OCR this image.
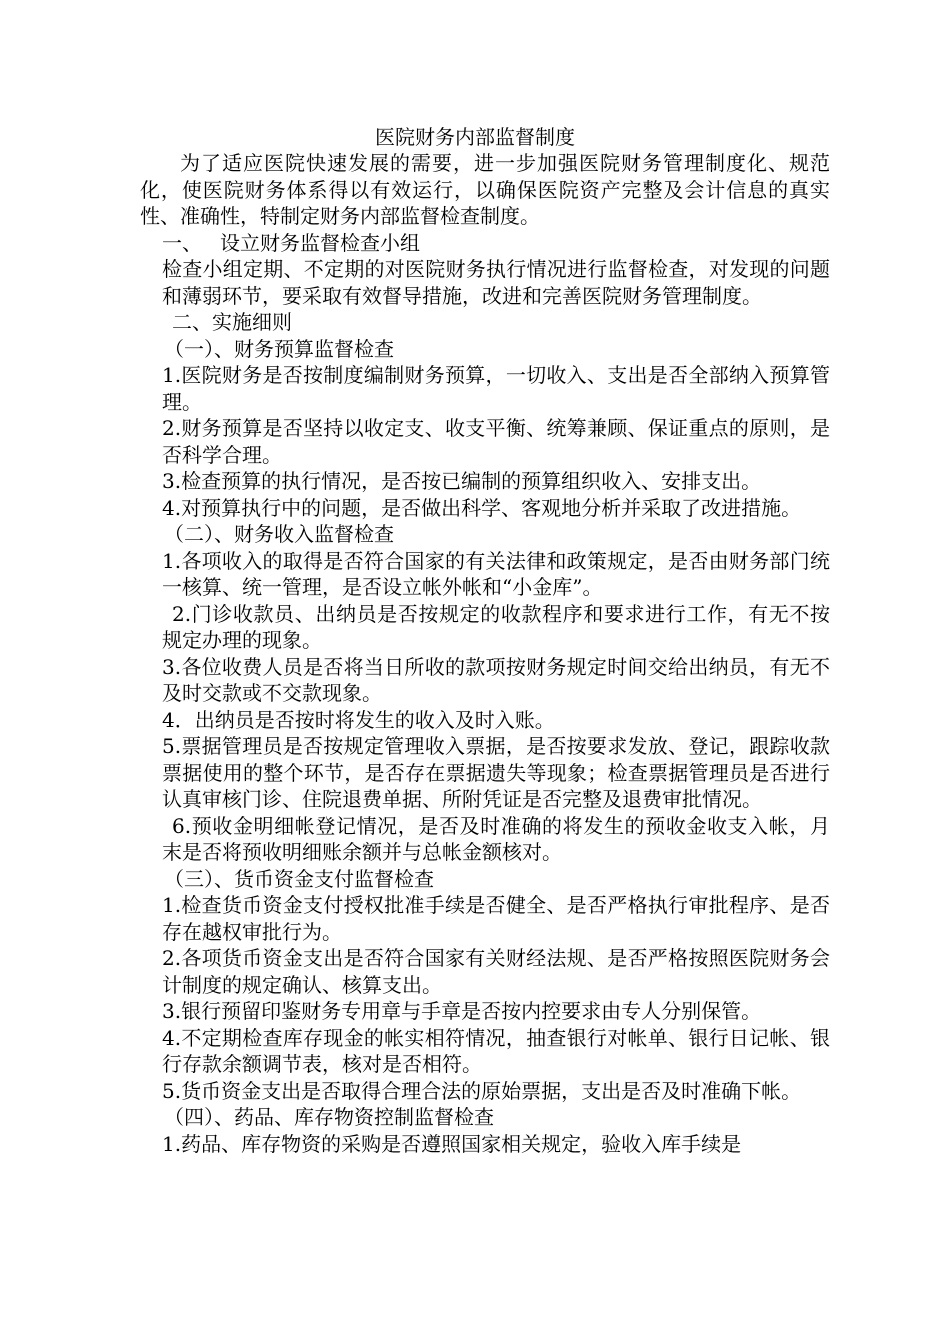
医院财务内部监督制度

为了适应医院快速发展的需要，进一步加强医院财务管理制度化、规范化，使医院财务体系得以有效运行，以确保医院资产完整及会计信息的真实性、准确性，特制定财务内部监督检查制度。

一、 设立财务监督检查小组

检查小组定期、不定期的对医院财务执行情况进行监督检查，对发现的问题和薄弱环节，要采取有效督导措施，改进和完善医院财务管理制度。

二、实施细则

（一）、财务预算监督检查

1.医院财务是否按制度编制财务预算，一切收入、支出是否全部纳入预算管理。

2.财务预算是否坚持以收定支、收支平衡、统筹兼顾、保证重点的原则，是否科学合理。

3.检查预算的执行情况，是否按已编制的预算组织收入、安排支出。

4.对预算执行中的问题，是否做出科学、客观地分析并采取了改进措施。

（二）、财务收入监督检查

1.各项收入的取得是否符合国家的有关法律和政策规定，是否由财务部门统一核算、统一管理，是否设立帐外帐和“小金库”。

2.门诊收款员、出纳员是否按规定的收款程序和要求进行工作，有无不按规定办理的现象。

3.各位收费人员是否将当日所收的款项按财务规定时间交给出纳员，有无不及时交款或不交款现象。

4．出纳员是否按时将发生的收入及时入账。

5.票据管理员是否按规定管理收入票据，是否按要求发放、登记，跟踪收款票据使用的整个环节，是否存在票据遗失等现象；检查票据管理员是否进行认真审核门诊、住院退费单据、所附凭证是否完整及退费审批情况。

6.预收金明细帐登记情况，是否及时准确的将发生的预收金收支入帐，月末是否将预收明细账余额并与总帐金额核对。

（三）、货币资金支付监督检查

1.检查货币资金支付授权批准手续是否健全、是否严格执行审批程序、是否存在越权审批行为。

2.各项货币资金支出是否符合国家有关财经法规、是否严格按照医院财务会计制度的规定确认、核算支出。

3.银行预留印鉴财务专用章与手章是否按内控要求由专人分别保管。

4.不定期检查库存现金的帐实相符情况，抽查银行对帐单、银行日记帐、银行存款余额调节表，核对是否相符。

5.货币资金支出是否取得合理合法的原始票据，支出是否及时准确下帐。

（四）、药品、库存物资控制监督检查

1.药品、库存物资的采购是否遵照国家相关规定，验收入库手续是
